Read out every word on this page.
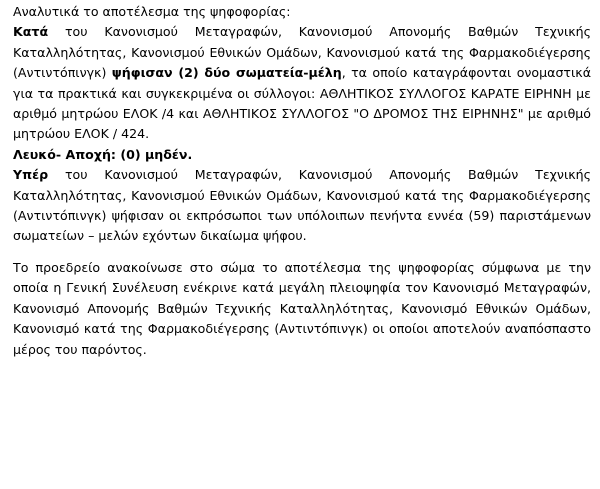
Αναλυτικά το αποτέλεσμα της ψηφοφορίας:

Κατά του Κανονισμού Μεταγραφών, Κανονισμού Απονομής Βαθμών Τεχνικής Καταλληλότητας, Κανονισμού Εθνικών Ομάδων, Κανονισμού κατά της Φαρμακοδιέγερσης (Αντιντόπινγκ) ψήφισαν (2) δύο σωματεία-μέλη, τα οποίο καταγράφονται ονομαστικά για τα πρακτικά και συγκεκριμένα οι σύλλογοι: ΑΘΛΗΤΙΚΟΣ ΣΥΛΛΟΓΟΣ ΚΑΡΑΤΕ ΕΙΡΗΝΗ με αριθμό μητρώου ΕΛΟΚ /4 και ΑΘΛΗΤΙΚΟΣ ΣΥΛΛΟΓΟΣ "Ο ΔΡΟΜΟΣ ΤΗΣ ΕΙΡΗΝΗΣ" με αριθμό μητρώου ΕΛΟΚ / 424.

Λευκό- Αποχή: (0) μηδέν.

Υπέρ του Κανονισμού Μεταγραφών, Κανονισμού Απονομής Βαθμών Τεχνικής Καταλληλότητας, Κανονισμού Εθνικών Ομάδων, Κανονισμού κατά της Φαρμακοδιέγερσης (Αντιντόπινγκ) ψήφισαν οι εκπρόσωποι των υπόλοιπων πενήντα εννέα (59) παριστάμενων σωματείων – μελών εχόντων δικαίωμα ψήφου.

Το προεδρείο ανακοίνωσε στο σώμα το αποτέλεσμα της ψηφοφορίας σύμφωνα με την οποία η Γενική Συνέλευση ενέκρινε κατά μεγάλη πλειοψηφία τον Κανονισμό Μεταγραφών, Κανονισμό Απονομής Βαθμών Τεχνικής Καταλληλότητας, Κανονισμό Εθνικών Ομάδων, Κανονισμό κατά της Φαρμακοδιέγερσης (Αντιντόπινγκ) οι οποίοι αποτελούν αναπόσπαστο μέρος του παρόντος.
